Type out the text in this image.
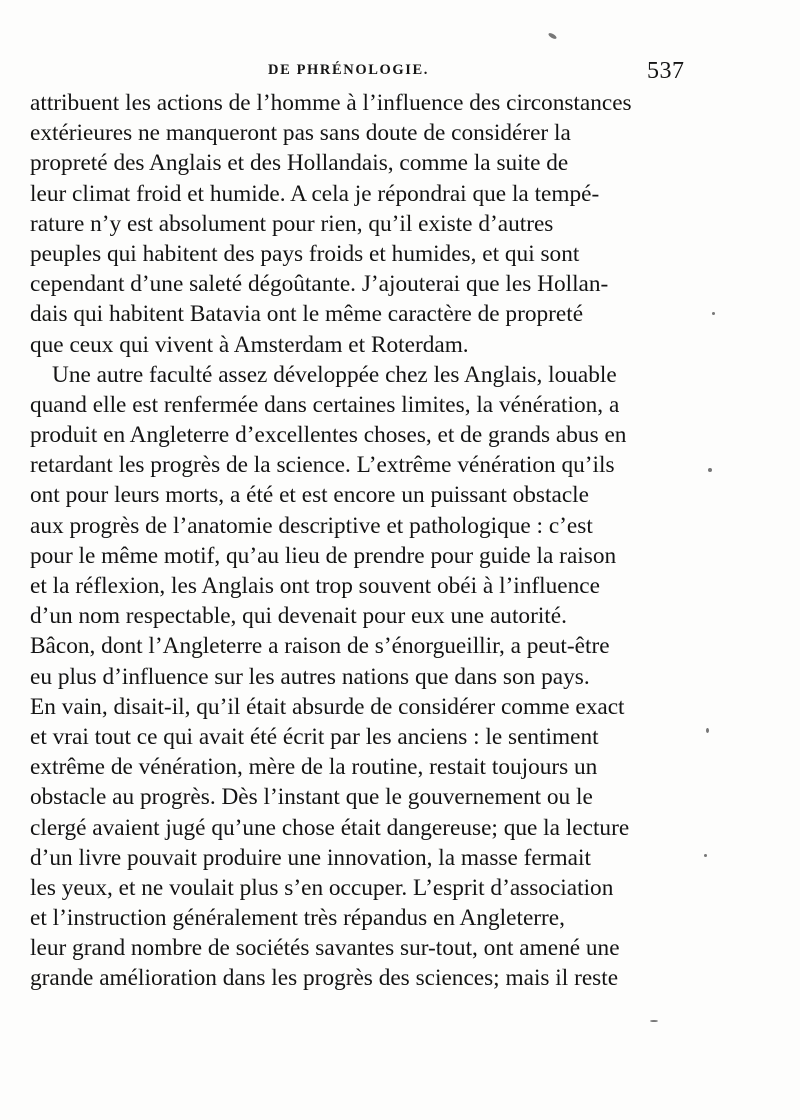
DE PHRÉNOLOGIE.	537
attribuent les actions de l’homme à l’influence des circonstances
extérieures ne manqueront pas sans doute de considérer la
propreté des Anglais et des Hollandais, comme la suite de
leur climat froid et humide. A cela je répondrai que la tempé-
rature n’y est absolument pour rien, qu’il existe d’autres
peuples qui habitent des pays froids et humides, et qui sont
cependant d’une saleté dégoûtante. J’ajouterai que les Hollan-
dais qui habitent Batavia ont le même caractère de propreté
que ceux qui vivent à Amsterdam et Roterdam.
Une autre faculté assez développée chez les Anglais, louable
quand elle est renfermée dans certaines limites, la vénération, a
produit en Angleterre d’excellentes choses, et de grands abus en
retardant les progrès de la science. L’extrême vénération qu’ils
ont pour leurs morts, a été et est encore un puissant obstacle
aux progrès de l’anatomie descriptive et pathologique : c’est
pour le même motif, qu’au lieu de prendre pour guide la raison
et la réflexion, les Anglais ont trop souvent obéi à l’influence
d’un nom respectable, qui devenait pour eux une autorité.
Bâcon, dont l’Angleterre a raison de s’énorgueillir, a peut-être
eu plus d’influence sur les autres nations que dans son pays.
En vain, disait-il, qu’il était absurde de considérer comme exact
et vrai tout ce qui avait été écrit par les anciens : le sentiment
extrême de vénération, mère de la routine, restait toujours un
obstacle au progrès. Dès l’instant que le gouvernement ou le
clergé avaient jugé qu’une chose était dangereuse; que la lecture
d’un livre pouvait produire une innovation, la masse fermait
les yeux, et ne voulait plus s’en occuper. L’esprit d’association
et l’instruction généralement très répandus en Angleterre,
leur grand nombre de sociétés savantes sur-tout, ont amené une
grande amélioration dans les progrès des sciences; mais il reste
